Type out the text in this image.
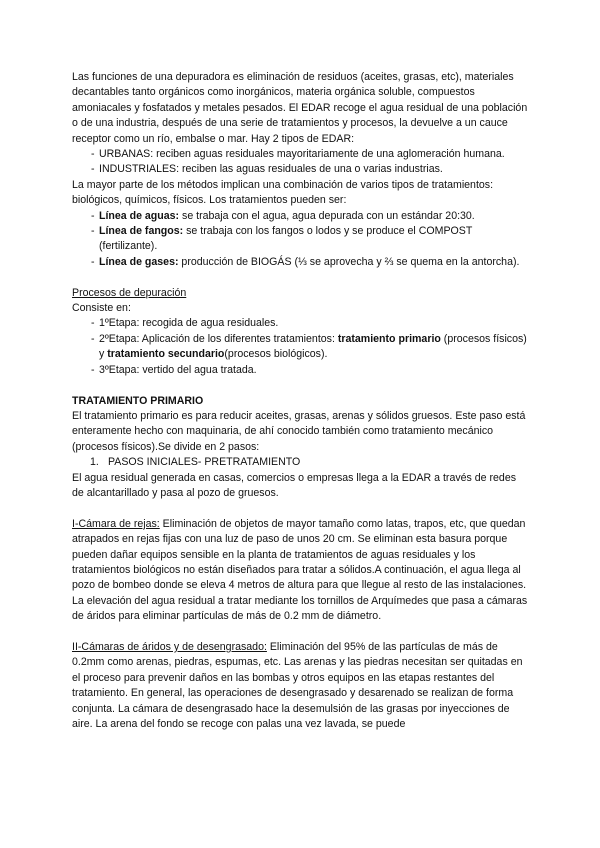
Las funciones de una depuradora es eliminación de residuos (aceites, grasas, etc), materiales decantables tanto orgánicos como inorgánicos, materia orgánica soluble, compuestos amoniacales y fosfatados y metales pesados. El EDAR recoge el agua residual de una población o de una industria, después de una serie de tratamientos y procesos, la devuelve a un cauce receptor como un río, embalse o mar. Hay 2 tipos de EDAR:

- URBANAS: reciben aguas residuales mayoritariamente de una aglomeración humana.
- INDUSTRIALES: reciben las aguas residuales de una o varias industrias.

La mayor parte de los métodos implican una combinación de varios tipos de tratamientos: biológicos, químicos, físicos. Los tratamientos pueden ser:

- Línea de aguas: se trabaja con el agua, agua depurada con un estándar 20:30.
- Línea de fangos: se trabaja con los fangos o lodos y se produce el COMPOST (fertilizante).
- Línea de gases: producción de BIOGÁS (⅓ se aprovecha y ⅔ se quema en la antorcha).

Procesos de depuración

Consiste en:

- 1ºEtapa: recogida de agua residuales.
- 2ºEtapa: Aplicación de los diferentes tratamientos: tratamiento primario (procesos físicos) y tratamiento secundario(procesos biológicos).
- 3ºEtapa: vertido del agua tratada.

TRATAMIENTO PRIMARIO

El tratamiento primario es para reducir aceites, grasas, arenas y sólidos gruesos. Este paso está enteramente hecho con maquinaria, de ahí conocido también como tratamiento mecánico (procesos físicos).Se divide en 2 pasos:

1. PASOS INICIALES- PRETRATAMIENTO

El agua residual generada en casas, comercios o empresas llega a la EDAR a través de redes de alcantarillado y pasa al pozo de gruesos.

I-Cámara de rejas: Eliminación de objetos de mayor tamaño como latas, trapos, etc, que quedan atrapados en rejas fijas con una luz de paso de unos 20 cm. Se eliminan esta basura porque pueden dañar equipos sensible en la planta de tratamientos de aguas residuales y los tratamientos biológicos no están diseñados para tratar a sólidos.A continuación, el agua llega al pozo de bombeo donde se eleva 4 metros de altura para que llegue al resto de las instalaciones. La elevación del agua residual a tratar mediante los tornillos de Arquímedes que pasa a cámaras de áridos para eliminar partículas de más de 0.2 mm de diámetro.

II-Cámaras de áridos y de desengrasado: Eliminación del 95% de las partículas de más de 0.2mm como arenas, piedras, espumas, etc. Las arenas y las piedras necesitan ser quitadas en el proceso para prevenir daños en las bombas y otros equipos en las etapas restantes del tratamiento. En general, las operaciones de desengrasado y desarenado se realizan de forma conjunta. La cámara de desengrasado hace la desemulsión de las grasas por inyecciones de aire. La arena del fondo se recoge con palas una vez lavada, se puede
